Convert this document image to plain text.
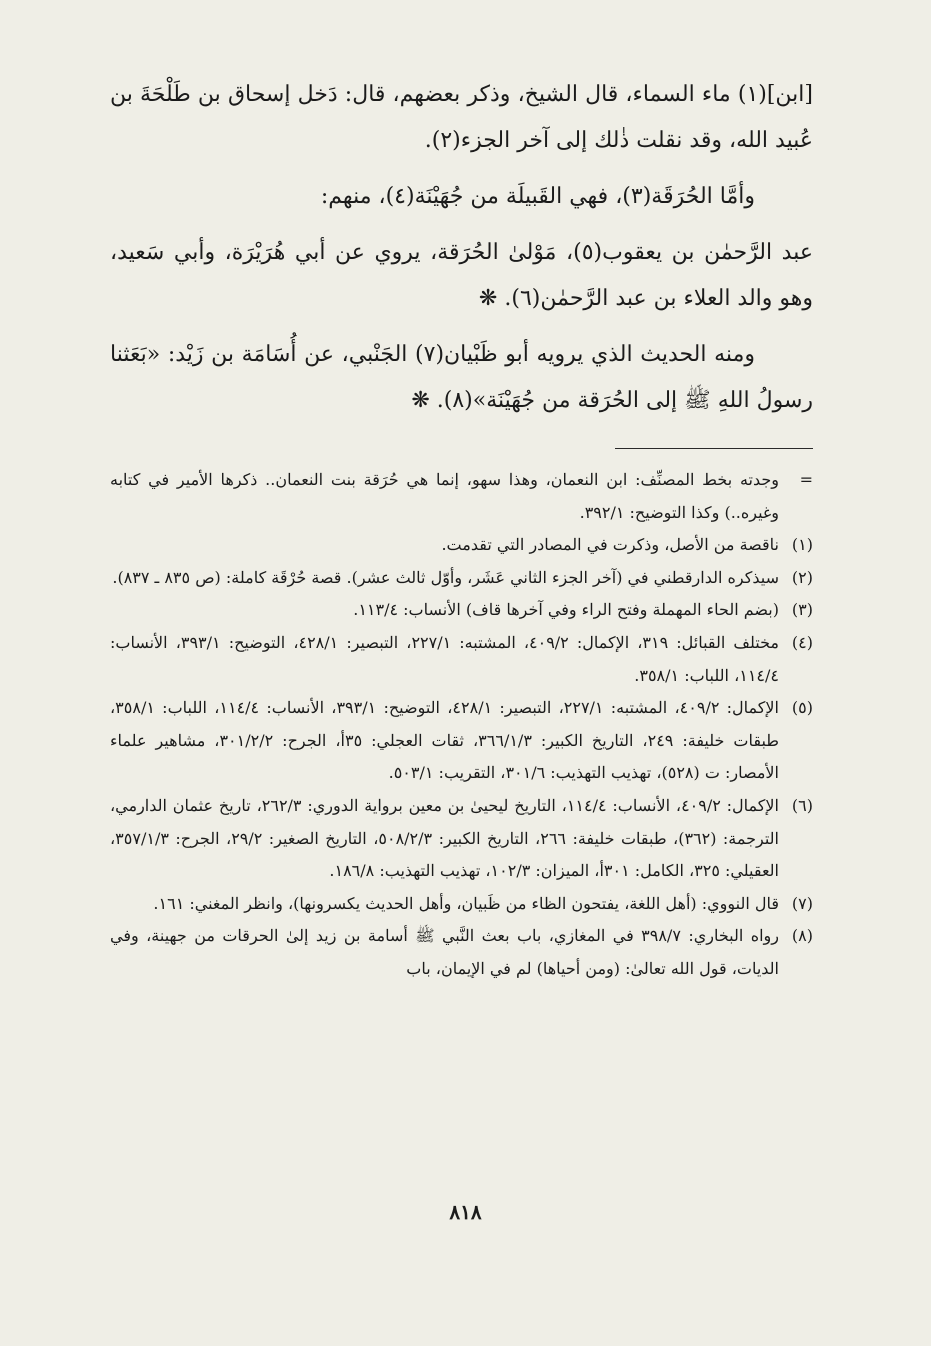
[ابن](١) ماء السماء، قال الشيخ، وذكر بعضهم، قال: دَخل إسحاق بن طَلْحَةَ بن عُبيد الله، وقد نقلت ذٰلك إلى آخر الجزء(٢).

وأمَّا الحُرَقَة(٣)، فهي القَبيلَة من جُهَيْنَة(٤)، منهم:

عبد الرَّحمٰن بن يعقوب(٥)، مَوْلىٰ الحُرَقة، يروي عن أبي هُرَيْرَة، وأبي سَعيد، وهو والد العلاء بن عبد الرَّحمٰن(٦). ❋

ومنه الحديث الذي يرويه أبو ظَبْيان(٧) الجَنْبي، عن أُسَامَة بن زَيْد: «بَعَثنا رسولُ اللهِ ﷺ إلى الحُرَقة من جُهَيْنَة»(٨). ❋

=
وجدته بخط المصنِّف: ابن النعمان، وهذا سهو، إنما هي حُرَقة بنت النعمان.. ذكرها الأمير في كتابه وغيره..) وكذا التوضيح: ٣٩٢/١.

(١)
ناقصة من الأصل، وذكرت في المصادر التي تقدمت.

(٢)
سيذكره الدارقطني في (آخر الجزء الثاني عَشَر، وأوّل ثالث عشر). قصة حُرْقَة كاملة: (ص ٨٣٥ ـ ٨٣٧).

(٣)
(بضم الحاء المهملة وفتح الراء وفي آخرها قاف) الأنساب: ١١٣/٤.

(٤)
مختلف القبائل: ٣١٩، الإكمال: ٤٠٩/٢، المشتبه: ٢٢٧/١، التبصير: ٤٢٨/١، التوضيح: ٣٩٣/١، الأنساب: ١١٤/٤، اللباب: ٣٥٨/١.

(٥)
الإكمال: ٤٠٩/٢، المشتبه: ٢٢٧/١، التبصير: ٤٢٨/١، التوضيح: ٣٩٣/١، الأنساب: ١١٤/٤، اللباب: ٣٥٨/١، طبقات خليفة: ٢٤٩، التاريخ الكبير: ٣٦٦/١/٣، ثقات العجلي: ٣٥أ، الجرح: ٣٠١/٢/٢، مشاهير علماء الأمصار: ت (٥٢٨)، تهذيب التهذيب: ٣٠١/٦، التقريب: ٥٠٣/١.

(٦)
الإكمال: ٤٠٩/٢، الأنساب: ١١٤/٤، التاريخ ليحيىٰ بن معين برواية الدوري: ٢٦٢/٣، تاريخ عثمان الدارمي، الترجمة: (٣٦٢)، طبقات خليفة: ٢٦٦، التاريخ الكبير: ٥٠٨/٢/٣، التاريخ الصغير: ٢٩/٢، الجرح: ٣٥٧/١/٣، العقيلي: ٣٢٥، الكامل: ٣٠١أ، الميزان: ١٠٢/٣، تهذيب التهذيب: ١٨٦/٨.

(٧)
قال النووي: (أهل اللغة، يفتحون الظاء من ظَبيان، وأهل الحديث يكسرونها)، وانظر المغني: ١٦١.

(٨)
رواه البخاري: ٣٩٨/٧ في المغازي، باب بعث النَّبي ﷺ أسامة بن زيد إلىٰ الحرقات من جهينة، وفي الديات، قول الله تعالىٰ: (ومن أحياها) لم في الإيمان، باب

٨١٨
